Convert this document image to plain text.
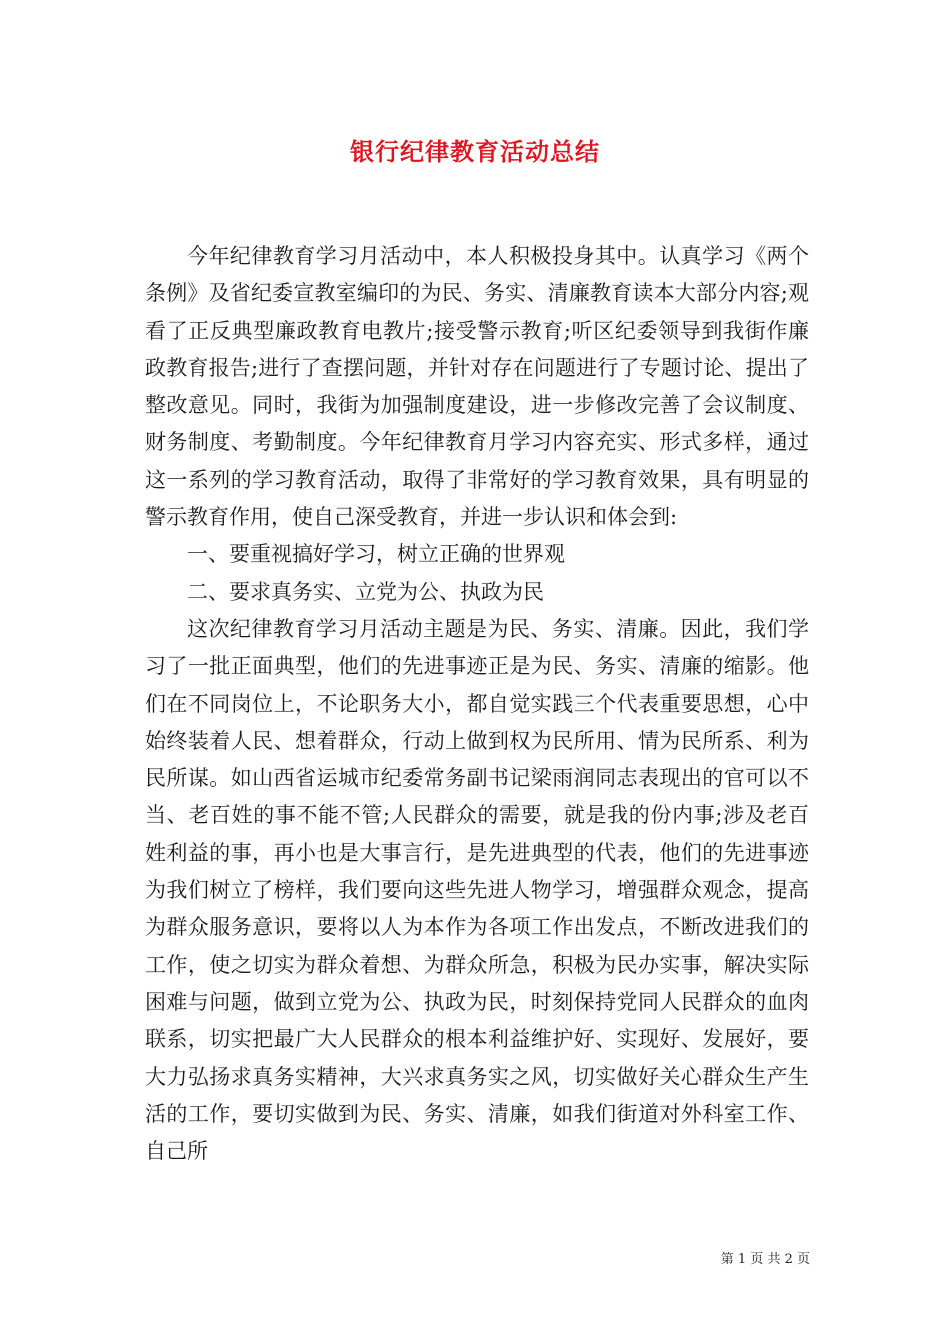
银行纪律教育活动总结

今年纪律教育学习月活动中，本人积极投身其中。认真学习《两个条例》及省纪委宣教室编印的为民、务实、清廉教育读本大部分内容;观看了正反典型廉政教育电教片;接受警示教育;听区纪委领导到我街作廉政教育报告;进行了查摆问题，并针对存在问题进行了专题讨论、提出了整改意见。同时，我街为加强制度建设，进一步修改完善了会议制度、财务制度、考勤制度。今年纪律教育月学习内容充实、形式多样，通过这一系列的学习教育活动，取得了非常好的学习教育效果，具有明显的警示教育作用，使自己深受教育，并进一步认识和体会到:

一、要重视搞好学习，树立正确的世界观

二、要求真务实、立党为公、执政为民

这次纪律教育学习月活动主题是为民、务实、清廉。因此，我们学习了一批正面典型，他们的先进事迹正是为民、务实、清廉的缩影。他们在不同岗位上，不论职务大小，都自觉实践三个代表重要思想，心中始终装着人民、想着群众，行动上做到权为民所用、情为民所系、利为民所谋。如山西省运城市纪委常务副书记梁雨润同志表现出的官可以不当、老百姓的事不能不管;人民群众的需要，就是我的份内事;涉及老百姓利益的事，再小也是大事言行，是先进典型的代表，他们的先进事迹为我们树立了榜样，我们要向这些先进人物学习，增强群众观念，提高为群众服务意识，要将以人为本作为各项工作出发点，不断改进我们的工作，使之切实为群众着想、为群众所急，积极为民办实事，解决实际困难与问题，做到立党为公、执政为民，时刻保持党同人民群众的血肉联系，切实把最广大人民群众的根本利益维护好、实现好、发展好，要大力弘扬求真务实精神，大兴求真务实之风，切实做好关心群众生产生活的工作，要切实做到为民、务实、清廉，如我们街道对外科室工作、自己所

第 1 页 共 2 页
